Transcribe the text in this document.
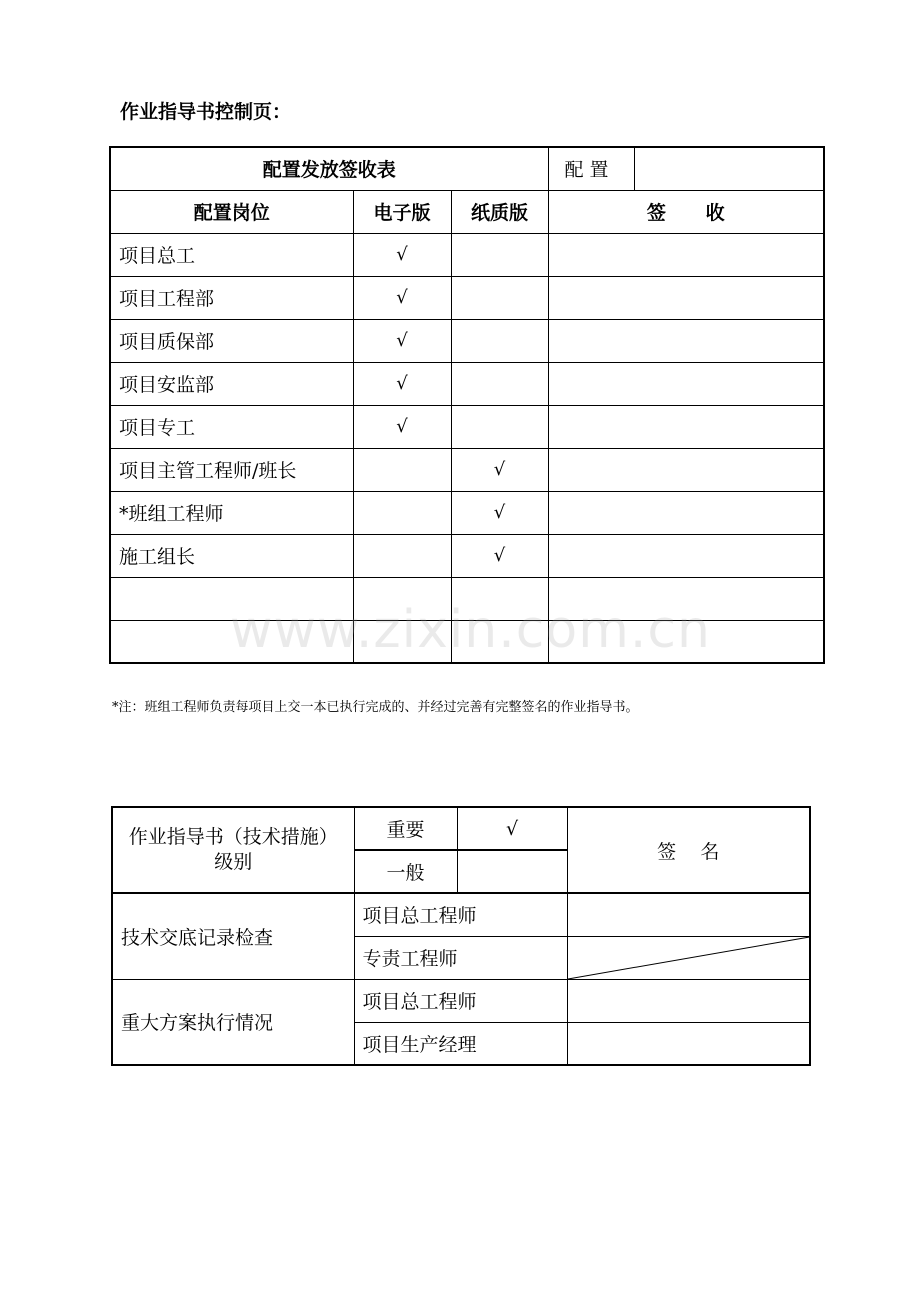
作业指导书控制页：
配置发放签收表			配 置	
配置岗位	电子版	纸质版	签      收	
项目总工	√			
项目工程部	√			
项目质保部	√			
项目安监部	√			
项目专工	√			
项目主管工程师/班长		√		
*班组工程师		√		
施工组长		√		

*注：班组工程师负责每项目上交一本已执行完成的、并经过完善有完整签名的作业指导书。
作业指导书（技术措施）级别	重要	√	签    名
	一般		
技术交底记录检查	项目总工程师		
	专责工程师	

重大方案执行情况	项目总工程师		
	项目生产经理		
www.zixin.com.cn
